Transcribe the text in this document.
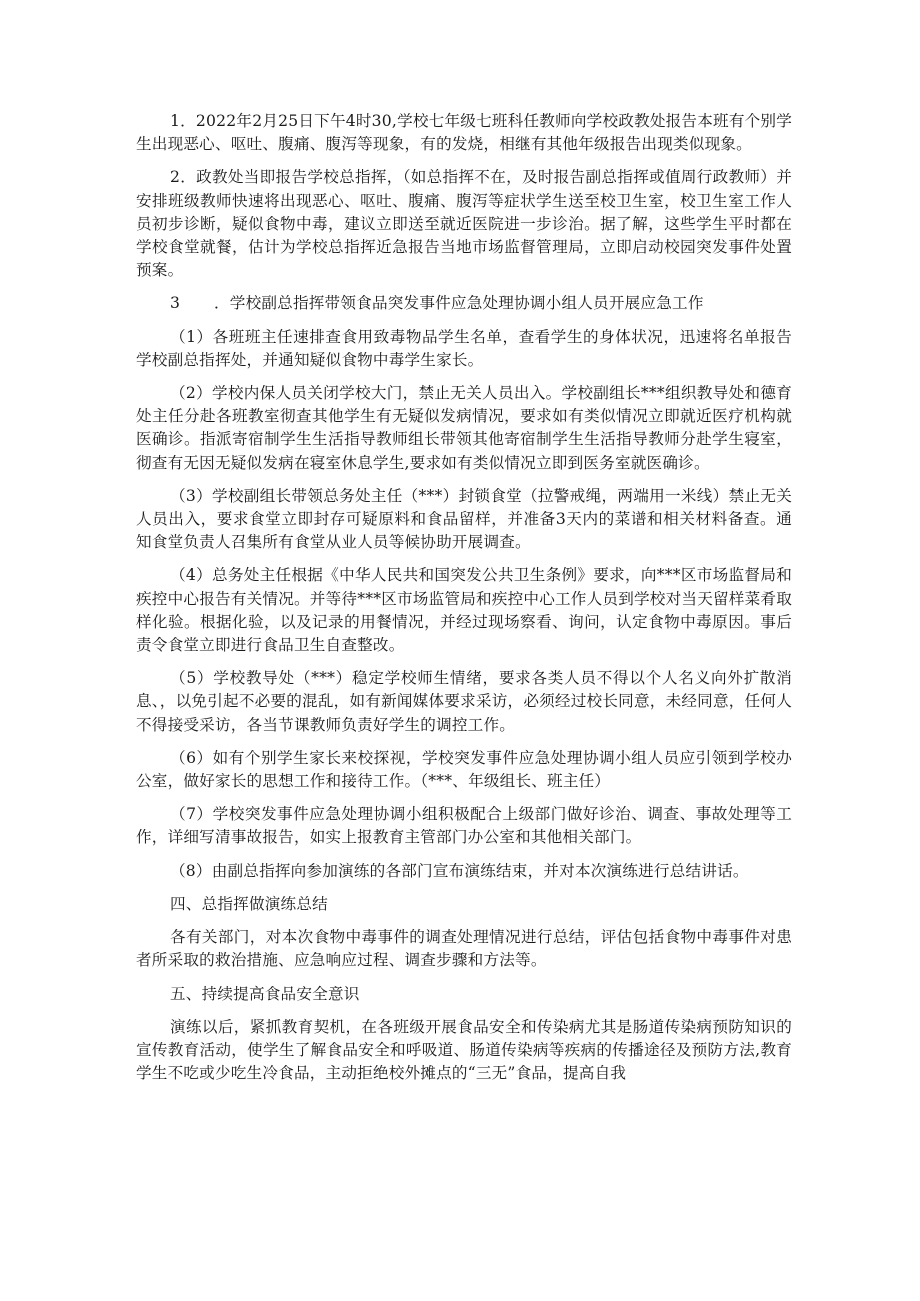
1．2022年2月25日下午4时30,学校七年级七班科任教师向学校政教处报告本班有个别学生出现恶心、呕吐、腹痛、腹泻等现象，有的发烧，相继有其他年级报告出现类似现象。

2．政教处当即报告学校总指挥，（如总指挥不在，及时报告副总指挥或值周行政教师）并安排班级教师快速将出现恶心、呕吐、腹痛、腹泻等症状学生送至校卫生室，校卫生室工作人员初步诊断，疑似食物中毒，建议立即送至就近医院进一步诊治。据了解，这些学生平时都在学校食堂就餐，估计为学校总指挥近急报告当地市场监督管理局，立即启动校园突发事件处置预案。

3 ．学校副总指挥带领食品突发事件应急处理协调小组人员开展应急工作

（1）各班班主任速排查食用致毒物品学生名单，查看学生的身体状况，迅速将名单报告学校副总指挥处，并通知疑似食物中毒学生家长。

（2）学校内保人员关闭学校大门，禁止无关人员出入。学校副组长***组织教导处和德育处主任分赴各班教室彻查其他学生有无疑似发病情况，要求如有类似情况立即就近医疗机构就医确诊。指派寄宿制学生生活指导教师组长带领其他寄宿制学生生活指导教师分赴学生寝室，彻查有无因无疑似发病在寝室休息学生,要求如有类似情况立即到医务室就医确诊。

（3）学校副组长带领总务处主任（***）封锁食堂（拉警戒绳，两端用一米线）禁止无关人员出入，要求食堂立即封存可疑原料和食品留样，并准备3天内的菜谱和相关材料备查。通知食堂负责人召集所有食堂从业人员等候协助开展调查。

（4）总务处主任根据《中华人民共和国突发公共卫生条例》要求，向***区市场监督局和疾控中心报告有关情况。并等待***区市场监管局和疾控中心工作人员到学校对当天留样菜肴取样化验。根据化验，以及记录的用餐情况，并经过现场察看、询问，认定食物中毒原因。事后责令食堂立即进行食品卫生自查整改。

（5）学校教导处（***）稳定学校师生情绪，要求各类人员不得以个人名义向外扩散消息、，以免引起不必要的混乱，如有新闻媒体要求采访，必须经过校长同意，未经同意，任何人不得接受采访，各当节课教师负责好学生的调控工作。

（6）如有个别学生家长来校探视，学校突发事件应急处理协调小组人员应引领到学校办公室，做好家长的思想工作和接待工作。（***、年级组长、班主任）

（7）学校突发事件应急处理协调小组积极配合上级部门做好诊治、调查、事故处理等工作，详细写清事故报告，如实上报教育主管部门办公室和其他相关部门。

（8）由副总指挥向参加演练的各部门宣布演练结束，并对本次演练进行总结讲话。

四、总指挥做演练总结

各有关部门，对本次食物中毒事件的调查处理情况进行总结，评估包括食物中毒事件对患者所采取的救治措施、应急响应过程、调查步骤和方法等。

五、持续提高食品安全意识

演练以后，紧抓教育契机，在各班级开展食品安全和传染病尤其是肠道传染病预防知识的宣传教育活动，使学生了解食品安全和呼吸道、肠道传染病等疾病的传播途径及预防方法,教育学生不吃或少吃生冷食品，主动拒绝校外摊点的“三无”食品，提高自我
